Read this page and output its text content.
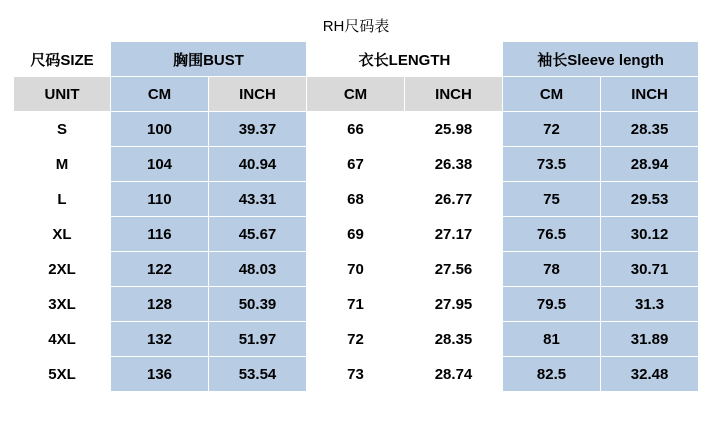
RH尺码表						
尺码SIZE	胸围BUST		衣长LENGTH		袖长Sleeve length	
UNIT	CM	INCH	CM	INCH	CM	INCH
S	100	39.37	66	25.98	72	28.35
M	104	40.94	67	26.38	73.5	28.94
L	110	43.31	68	26.77	75	29.53
XL	116	45.67	69	27.17	76.5	30.12
2XL	122	48.03	70	27.56	78	30.71
3XL	128	50.39	71	27.95	79.5	31.3
4XL	132	51.97	72	28.35	81	31.89
5XL	136	53.54	73	28.74	82.5	32.48
